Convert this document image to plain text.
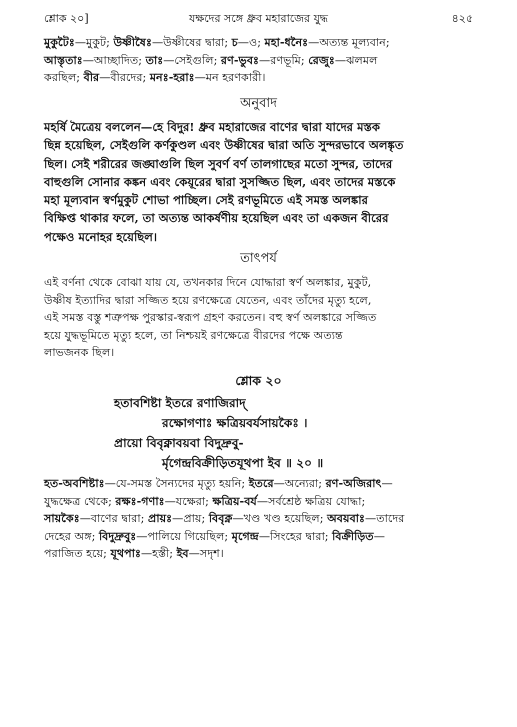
শ্লোক ২০]	যক্ষদের সঙ্গে ধ্রুব মহারাজের যুদ্ধ	৪২৫
মুকুটৈঃ—মুকুট; উষ্ণীষৈঃ—উষ্ণীষের দ্বারা; চ—ও; মহা-ধনৈঃ—অত্যন্ত মূল্যবান;
আস্তৃতাঃ—আচ্ছাদিত; তাঃ—সেইগুলি; রণ-ভুবঃ—রণভূমি; রেজুঃ—ঝলমল
করছিল; বীর—বীরদের; মনঃ-হরাঃ—মন হরণকারী।
অনুবাদ
মহর্ষি মৈত্রেয় বললেন—হে বিদুর! ধ্রুব মহারাজের বাণের দ্বারা যাদের মস্তক
ছিন্ন হয়েছিল, সেইগুলি কর্ণকুণ্ডল এবং উষ্ণীষের দ্বারা অতি সুন্দরভাবে অলঙ্কৃত
ছিল। সেই শরীরের জঙ্ঘাগুলি ছিল সুবর্ণ বর্ণ তালগাছের মতো সুন্দর, তাদের
বাহুগুলি সোনার কঙ্কন এবং কেয়ূরের দ্বারা সুসজ্জিত ছিল, এবং তাদের মস্তকে
মহা মূল্যবান স্বর্ণমুকুট শোভা পাচ্ছিল। সেই রণভূমিতে এই সমস্ত অলঙ্কার
বিক্ষিপ্ত থাকার ফলে, তা অত্যন্ত আকর্ষণীয় হয়েছিল এবং তা একজন বীরের
পক্ষেও মনোহর হয়েছিল।
তাৎপর্য
এই বর্ণনা থেকে বোঝা যায় যে, তখনকার দিনে যোদ্ধারা স্বর্ণ অলঙ্কার, মুকুট,
উষ্ণীষ ইত্যাদির দ্বারা সজ্জিত হয়ে রণক্ষেত্রে যেতেন, এবং তাঁদের মৃত্যু হলে,
এই সমস্ত বস্তু শত্রুপক্ষ পুরস্কার-স্বরূপ গ্রহণ করতেন। বহু স্বর্ণ অলঙ্কারে সজ্জিত
হয়ে যুদ্ধভূমিতে মৃত্যু হলে, তা নিশ্চয়ই রণক্ষেত্রে বীরদের পক্ষে অত্যন্ত
লাভজনক ছিল।
শ্লোক ২০
হতাবশিষ্টা ইতরে রণাজিরাদ্
রক্ষোগণাঃ ক্ষত্রিয়বর্যসায়কৈঃ ।
প্রায়ো বিবৃক্নাবয়বা বিদুদ্রুবু-
র্মৃগেন্দ্রবিক্রীড়িতযূথপা ইব ॥ ২০ ॥
হত-অবশিষ্টাঃ—যে-সমস্ত সৈন্যদের মৃত্যু হয়নি; ইতরে—অন্যেরা; রণ-অজিরাৎ—
যুদ্ধক্ষেত্র থেকে; রক্ষঃ-গণাঃ—যক্ষেরা; ক্ষত্রিয়-বর্য—সর্বশ্রেষ্ঠ ক্ষত্রিয় যোদ্ধা;
সায়কৈঃ—বাণের দ্বারা; প্রায়ঃ—প্রায়; বিবৃক্ন—খণ্ড খণ্ড হয়েছিল; অবয়বাঃ—তাদের
দেহের অঙ্গ; বিদুদ্রুবুঃ—পালিয়ে গিয়েছিল; মৃগেন্দ্র—সিংহের দ্বারা; বিক্রীড়িত—
পরাজিত হয়ে; যূথপাঃ—হস্তী; ইব—সদৃশ।
